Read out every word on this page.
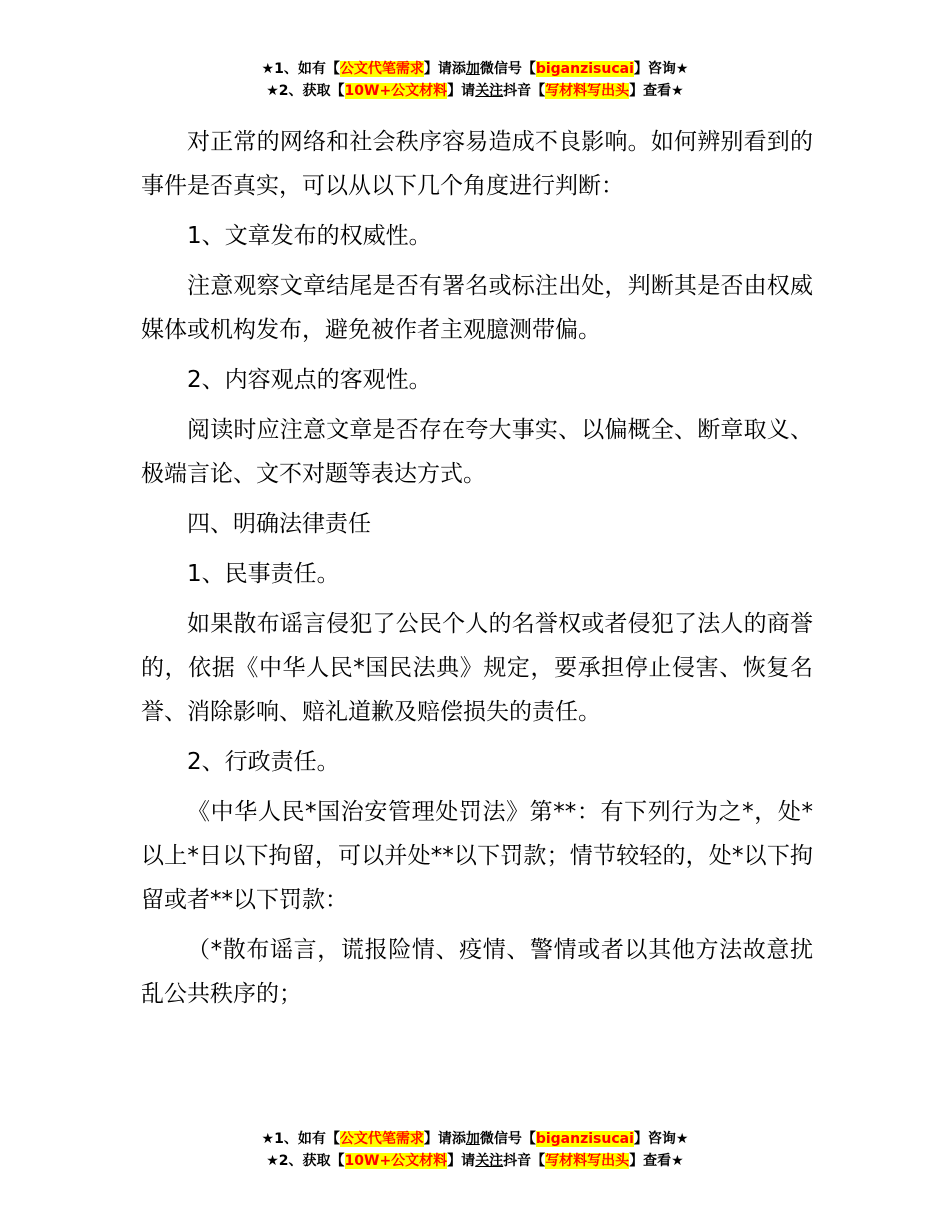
★1、如有【公文代笔需求】请添加微信号【biganzisucai】咨询★
★2、获取【10W+公文材料】请关注抖音【写材料写出头】查看★

对正常的网络和社会秩序容易造成不良影响。如何辨别看到的事件是否真实，可以从以下几个角度进行判断：

1、文章发布的权威性。

注意观察文章结尾是否有署名或标注出处，判断其是否由权威媒体或机构发布，避免被作者主观臆测带偏。

2、内容观点的客观性。

阅读时应注意文章是否存在夸大事实、以偏概全、断章取义、极端言论、文不对题等表达方式。

四、明确法律责任

1、民事责任。

如果散布谣言侵犯了公民个人的名誉权或者侵犯了法人的商誉的，依据《中华人民*国民法典》规定，要承担停止侵害、恢复名誉、消除影响、赔礼道歉及赔偿损失的责任。

2、行政责任。

《中华人民*国治安管理处罚法》第**：有下列行为之*，处*以上*日以下拘留，可以并处**以下罚款；情节较轻的，处*以下拘留或者**以下罚款：

（*散布谣言，谎报险情、疫情、警情或者以其他方法故意扰乱公共秩序的；

★1、如有【公文代笔需求】请添加微信号【biganzisucai】咨询★
★2、获取【10W+公文材料】请关注抖音【写材料写出头】查看★
